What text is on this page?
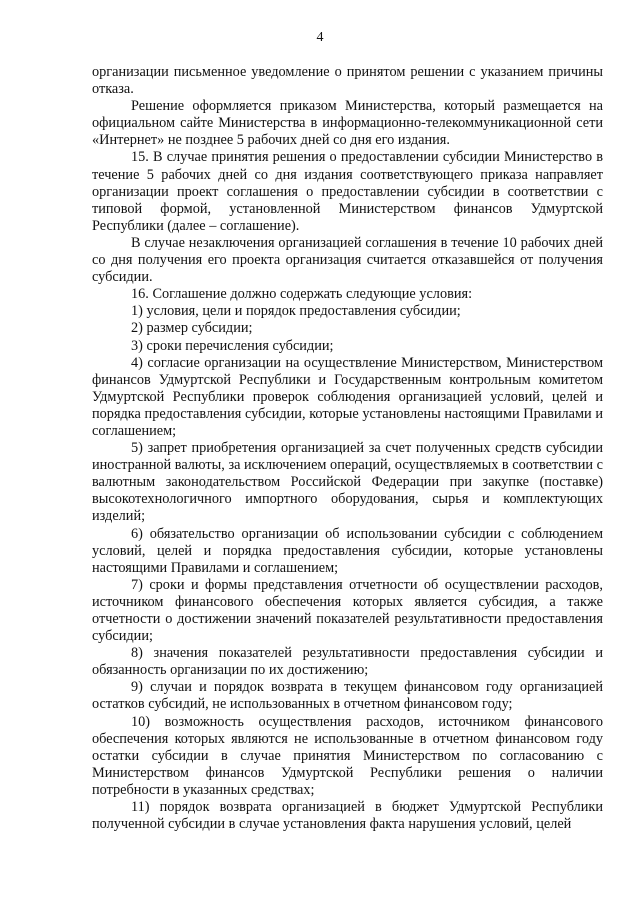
4

организации письменное уведомление о принятом решении с указанием причины отказа.

Решение оформляется приказом Министерства, который размещается на официальном сайте Министерства в информационно-телекоммуникационной сети «Интернет» не позднее 5 рабочих дней со дня его издания.

15. В случае принятия решения о предоставлении субсидии Министерство в течение 5 рабочих дней со дня издания соответствующего приказа направляет организации проект соглашения о предоставлении субсидии в соответствии с типовой формой, установленной Министерством финансов Удмуртской Республики (далее – соглашение).

В случае незаключения организацией соглашения в течение 10 рабочих дней со дня получения его проекта организация считается отказавшейся от получения субсидии.

16. Соглашение должно содержать следующие условия:

1) условия, цели и порядок предоставления субсидии;

2) размер субсидии;

3) сроки перечисления субсидии;

4) согласие организации на осуществление Министерством, Министерством финансов Удмуртской Республики и Государственным контрольным комитетом Удмуртской Республики проверок соблюдения организацией условий, целей и порядка предоставления субсидии, которые установлены настоящими Правилами и соглашением;

5) запрет приобретения организацией за счет полученных средств субсидии иностранной валюты, за исключением операций, осуществляемых в соответствии с валютным законодательством Российской Федерации при закупке (поставке) высокотехнологичного импортного оборудования, сырья и комплектующих изделий;

6) обязательство организации об использовании субсидии с соблюдением условий, целей и порядка предоставления субсидии, которые установлены настоящими Правилами и соглашением;

7) сроки и формы представления отчетности об осуществлении расходов, источником финансового обеспечения которых является субсидия, а также отчетности о достижении значений показателей результативности предоставления субсидии;

8) значения показателей результативности предоставления субсидии и обязанность организации по их достижению;

9) случаи и порядок возврата в текущем финансовом году организацией остатков субсидий, не использованных в отчетном финансовом году;

10) возможность осуществления расходов, источником финансового обеспечения которых являются не использованные в отчетном финансовом году остатки субсидии в случае принятия Министерством по согласованию с Министерством финансов Удмуртской Республики решения о наличии потребности в указанных средствах;

11) порядок возврата организацией в бюджет Удмуртской Республики полученной субсидии в случае установления факта нарушения условий, целей
